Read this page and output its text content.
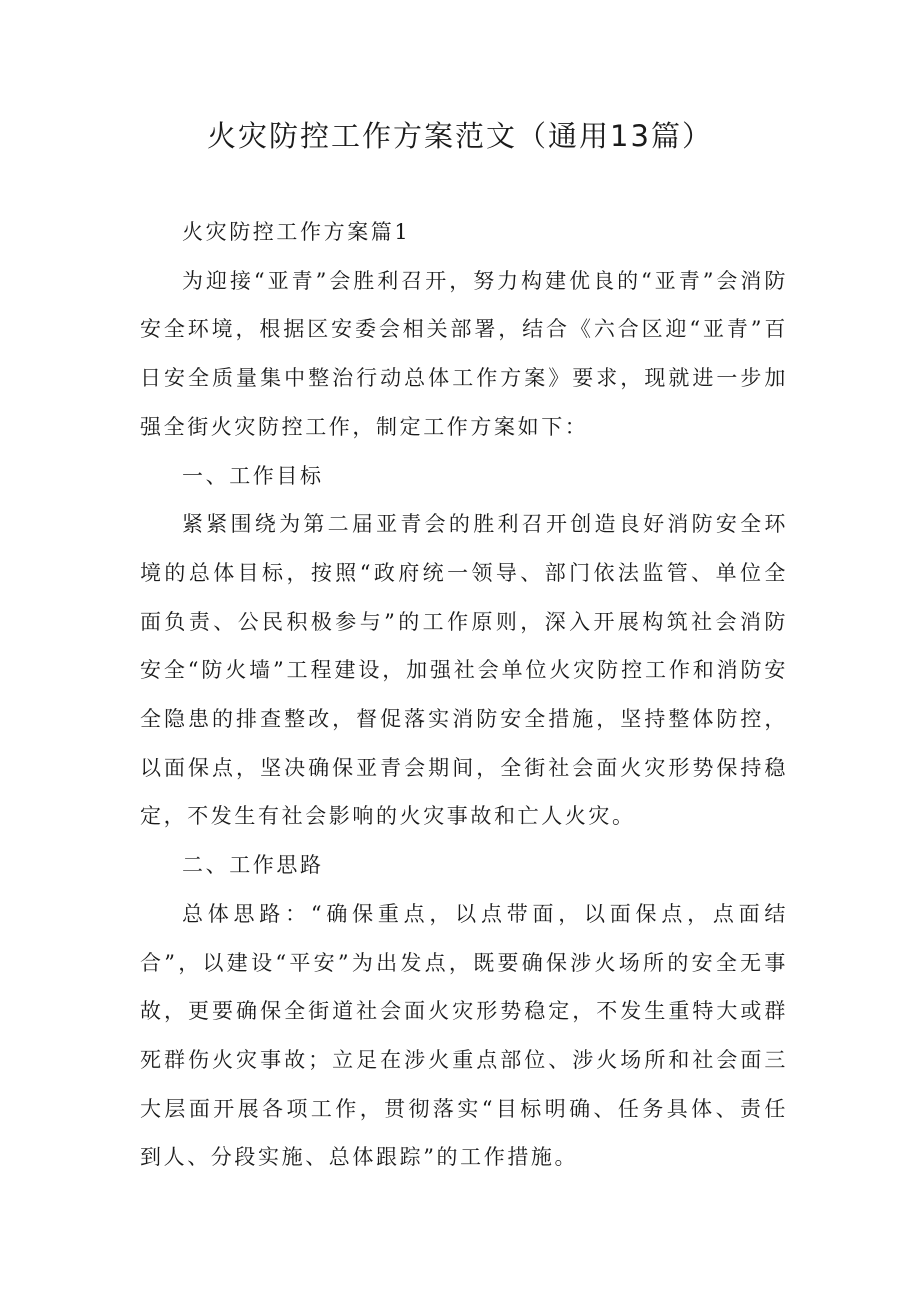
火灾防控工作方案范文（通用13篇）

火灾防控工作方案篇1

为迎接“亚青”会胜利召开，努力构建优良的“亚青”会消防安全环境，根据区安委会相关部署，结合《六合区迎“亚青”百日安全质量集中整治行动总体工作方案》要求，现就进一步加强全街火灾防控工作，制定工作方案如下：

一、工作目标

紧紧围绕为第二届亚青会的胜利召开创造良好消防安全环境的总体目标，按照“政府统一领导、部门依法监管、单位全面负责、公民积极参与”的工作原则，深入开展构筑社会消防安全“防火墙”工程建设，加强社会单位火灾防控工作和消防安全隐患的排查整改，督促落实消防安全措施，坚持整体防控，以面保点，坚决确保亚青会期间，全街社会面火灾形势保持稳定，不发生有社会影响的火灾事故和亡人火灾。

二、工作思路

总体思路：“确保重点，以点带面，以面保点，点面结合”，以建设“平安”为出发点，既要确保涉火场所的安全无事故，更要确保全街道社会面火灾形势稳定，不发生重特大或群死群伤火灾事故；立足在涉火重点部位、涉火场所和社会面三大层面开展各项工作，贯彻落实“目标明确、任务具体、责任到人、分段实施、总体跟踪”的工作措施。
